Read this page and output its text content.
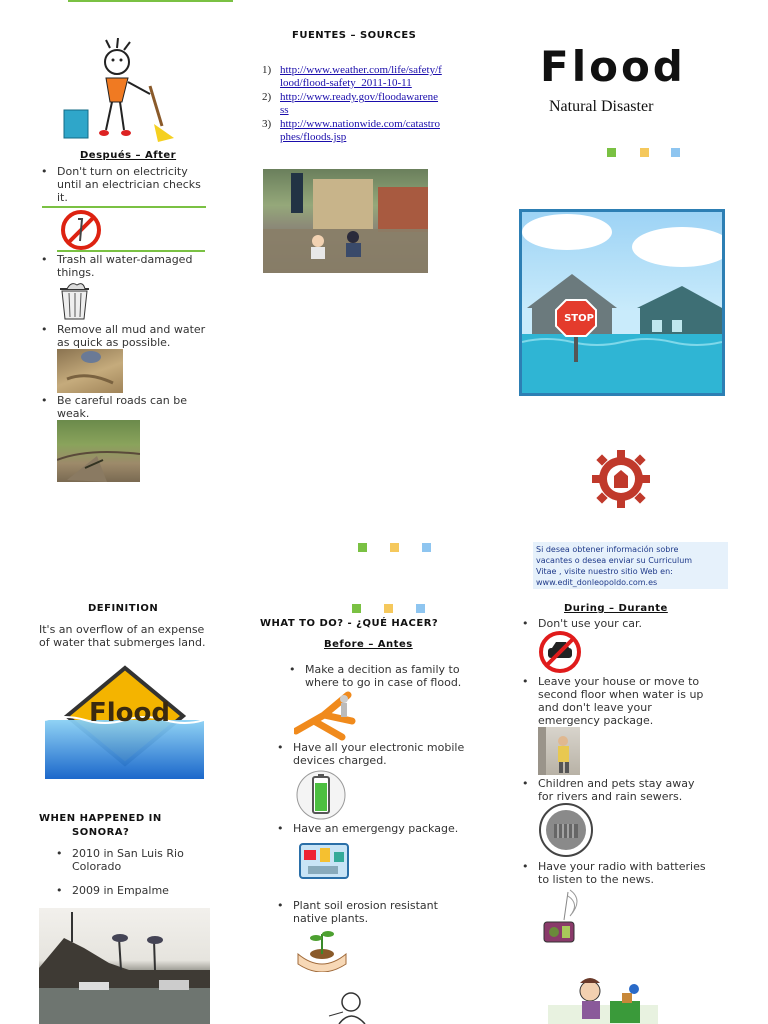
Después – After
• Don't turn on electricity
until an electrician checks
it.
• Trash all water-damaged
things.
• Remove all mud and water
as quick as possible.
• Be careful roads can be
weak.
FUENTES – SOURCES
1) http://www.weather.com/life/safety/f
lood/flood-safety_2011-10-11
2) http://www.ready.gov/floodawarene
ss
3) http://www.nationwide.com/catastro
phes/floods.jsp
Flood
Natural Disaster
STOP
Si desea obtener información sobre
vacantes o desea enviar su Curriculum
Vitae , visite nuestro sitio Web en:
www.edit_donleopoldo.com.es
DEFINITION
It's an overflow of an expense
of water that submerges land.
Flood
WHEN HAPPENED IN
SONORA?
• 2010 in San Luis Rio
Colorado
• 2009 in Empalme
WHAT TO DO? - ¿QUÉ HACER?
Before – Antes
• Make a decition as family to
where to go in case of flood.
• Have all your electronic mobile
devices charged.
• Have an emergengy package.
• Plant soil erosion resistant
native plants.
During – Durante
• Don't use your car.
• Leave your house or move to
second floor when water is up
and don't leave your
emergency package.
• Children and pets stay away
for rivers and rain sewers.
• Have your radio with batteries
to listen to the news.
